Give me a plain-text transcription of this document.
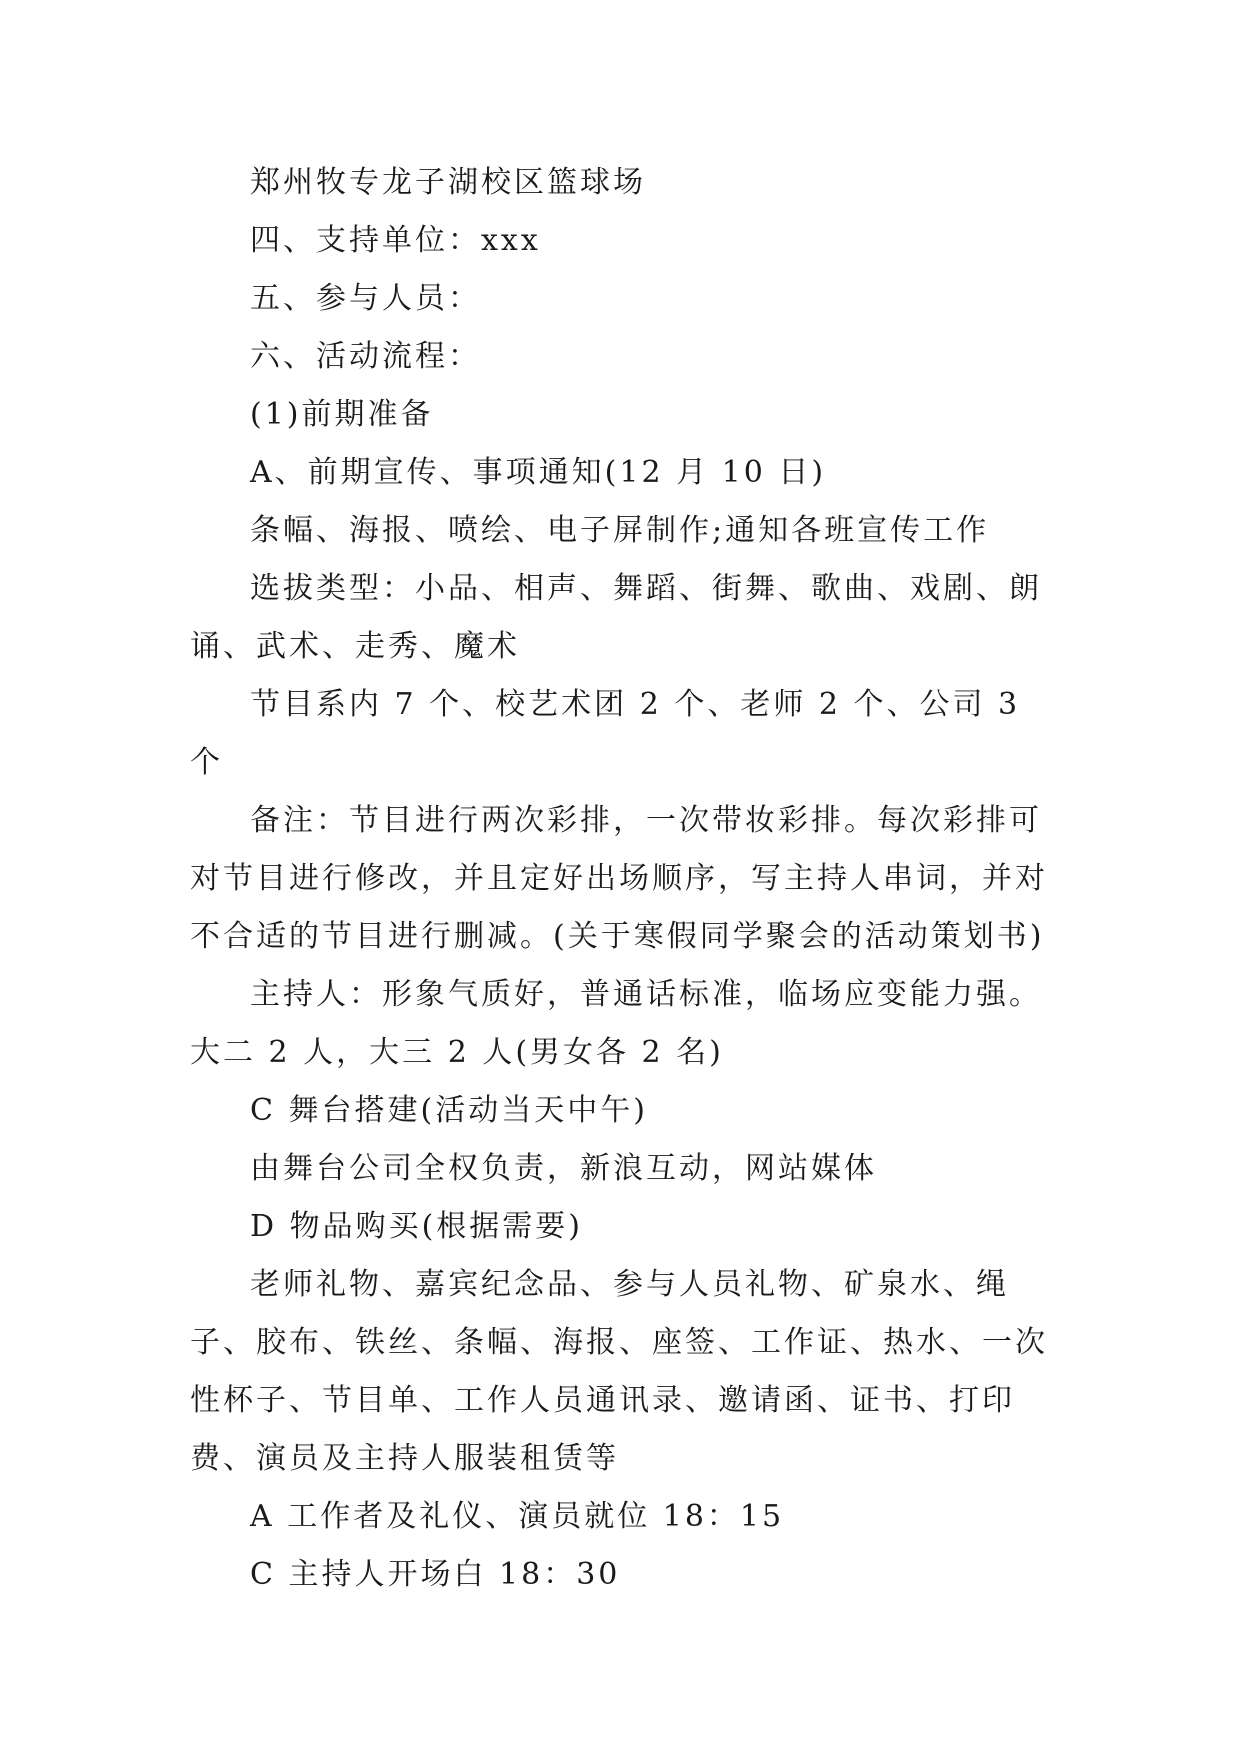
郑州牧专龙子湖校区篮球场

四、支持单位：xxx

五、参与人员：

六、活动流程：

(1)前期准备

A、前期宣传、事项通知(12 月 10 日)

条幅、海报、喷绘、电子屏制作;通知各班宣传工作

选拔类型：小品、相声、舞蹈、街舞、歌曲、戏剧、朗诵、武术、走秀、魔术

节目系内 7 个、校艺术团 2 个、老师 2 个、公司 3 个

备注：节目进行两次彩排，一次带妆彩排。每次彩排可对节目进行修改，并且定好出场顺序，写主持人串词，并对不合适的节目进行删减。(关于寒假同学聚会的活动策划书)

主持人：形象气质好，普通话标准，临场应变能力强。大二 2 人，大三 2 人(男女各 2 名)

C 舞台搭建(活动当天中午)

由舞台公司全权负责，新浪互动，网站媒体

D 物品购买(根据需要)

老师礼物、嘉宾纪念品、参与人员礼物、矿泉水、绳子、胶布、铁丝、条幅、海报、座签、工作证、热水、一次性杯子、节目单、工作人员通讯录、邀请函、证书、打印费、演员及主持人服装租赁等

A 工作者及礼仪、演员就位 18：15

C 主持人开场白 18：30
